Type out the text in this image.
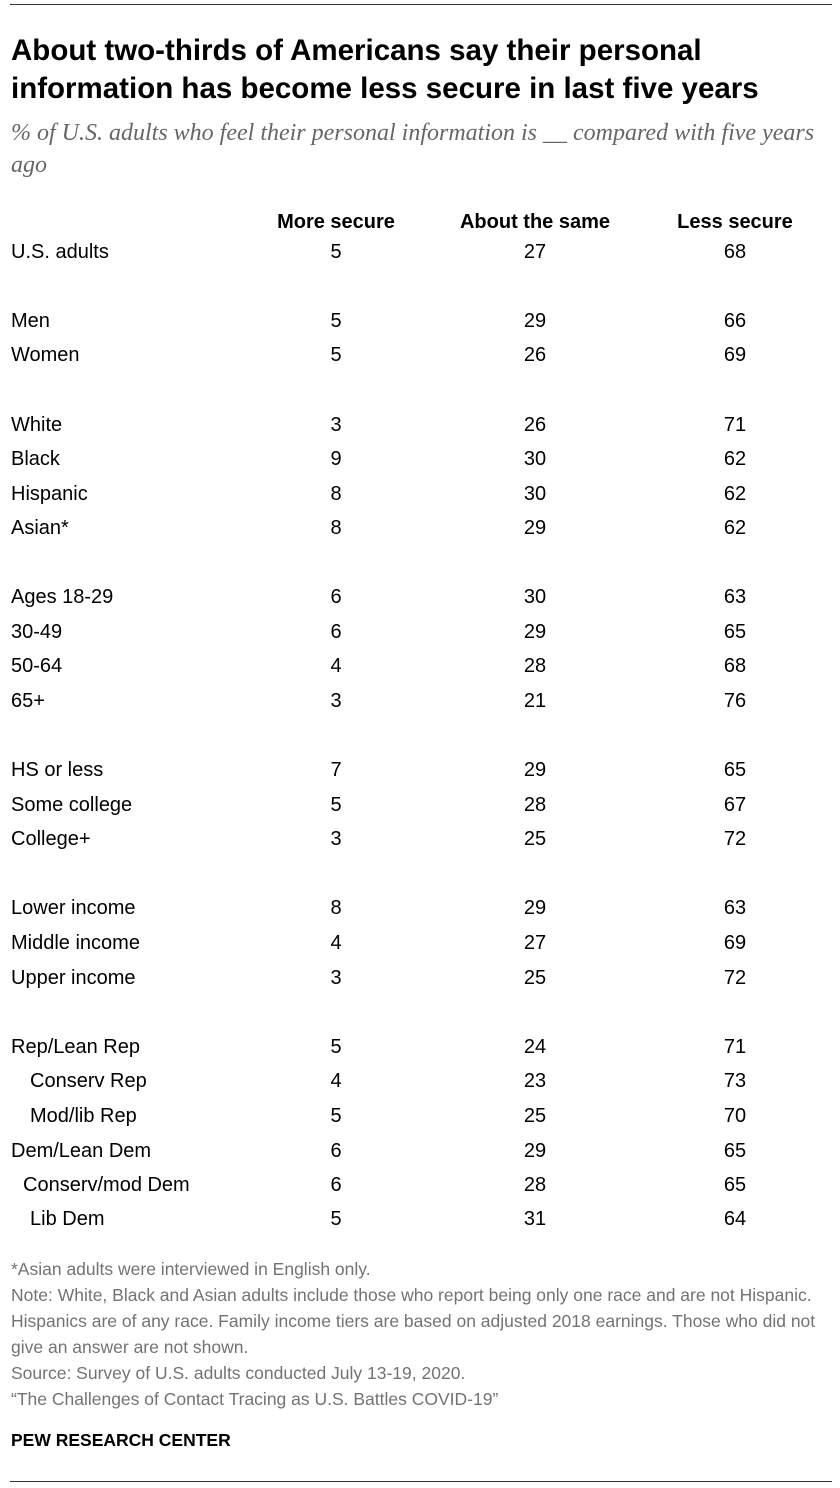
About two-thirds of Americans say their personal information has become less secure in last five years
% of U.S. adults who feel their personal information is __ compared with five years ago
More secure	About the same	Less secure
U.S. adults	5	27	68
Men	5	29	66
Women	5	26	69
White	3	26	71
Black	9	30	62
Hispanic	8	30	62
Asian*	8	29	62
Ages 18-29	6	30	63
30-49	6	29	65
50-64	4	28	68
65+	3	21	76
HS or less	7	29	65
Some college	5	28	67
College+	3	25	72
Lower income	8	29	63
Middle income	4	27	69
Upper income	3	25	72
Rep/Lean Rep	5	24	71
Conserv Rep	4	23	73
Mod/lib Rep	5	25	70
Dem/Lean Dem	6	29	65
Conserv/mod Dem	6	28	65
Lib Dem	5	31	64
*Asian adults were interviewed in English only.
Note: White, Black and Asian adults include those who report being only one race and are not Hispanic. Hispanics are of any race. Family income tiers are based on adjusted 2018 earnings. Those who did not give an answer are not shown.
Source: Survey of U.S. adults conducted July 13-19, 2020.
“The Challenges of Contact Tracing as U.S. Battles COVID-19”
PEW RESEARCH CENTER
